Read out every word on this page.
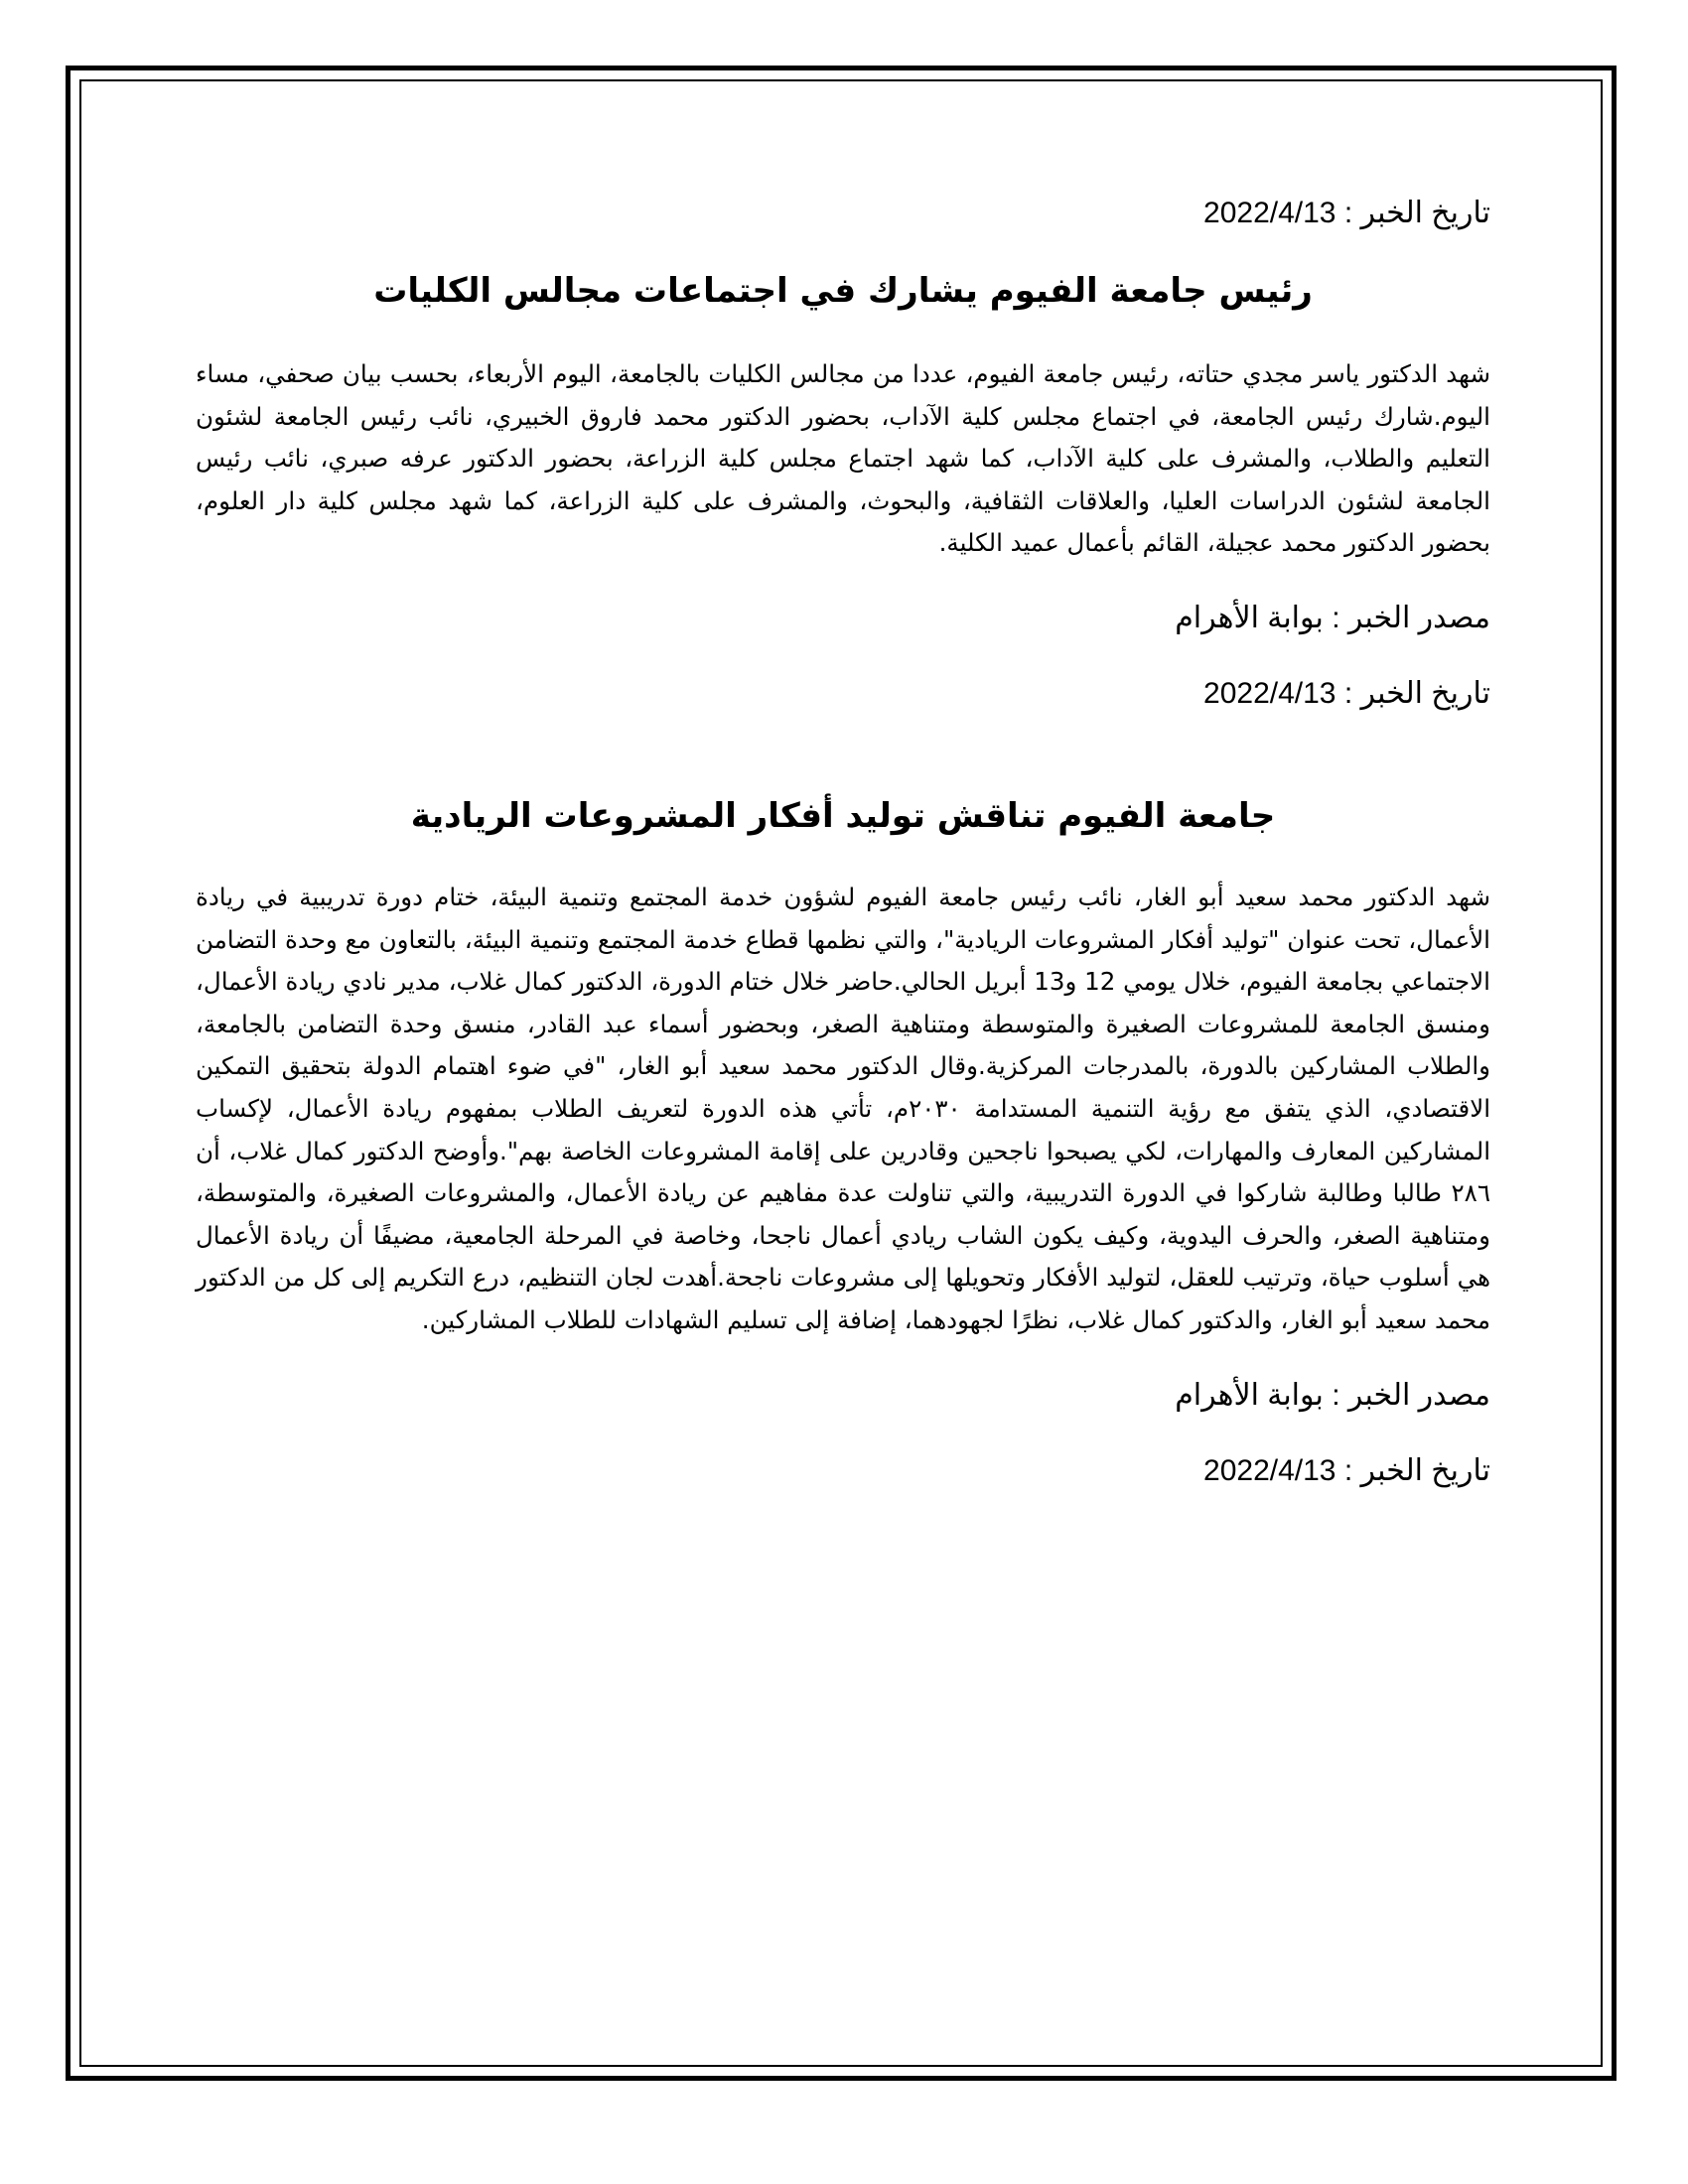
تاريخ الخبر : 2022/4/13

رئيس جامعة الفيوم يشارك في اجتماعات مجالس الكليات

شهد الدكتور ياسر مجدي حتاته، رئيس جامعة الفيوم، عددا من مجالس الكليات بالجامعة، اليوم الأربعاء، بحسب بيان صحفي، مساء اليوم.شارك رئيس الجامعة، في اجتماع مجلس كلية الآداب، بحضور الدكتور محمد فاروق الخبيري، نائب رئيس الجامعة لشئون التعليم والطلاب، والمشرف على كلية الآداب، كما شهد اجتماع مجلس كلية الزراعة، بحضور الدكتور عرفه صبري، نائب رئيس الجامعة لشئون الدراسات العليا، والعلاقات الثقافية، والبحوث، والمشرف على كلية الزراعة، كما شهد مجلس كلية دار العلوم، بحضور الدكتور محمد عجيلة، القائم بأعمال عميد الكلية.

مصدر الخبر : بوابة الأهرام

تاريخ الخبر : 2022/4/13

جامعة الفيوم تناقش توليد أفكار المشروعات الريادية

شهد الدكتور محمد سعيد أبو الغار، نائب رئيس جامعة الفيوم لشؤون خدمة المجتمع وتنمية البيئة، ختام دورة تدريبية في ريادة الأعمال، تحت عنوان "توليد أفكار المشروعات الريادية"، والتي نظمها قطاع خدمة المجتمع وتنمية البيئة، بالتعاون مع وحدة التضامن الاجتماعي بجامعة الفيوم، خلال يومي 12 و13 أبريل الحالي.حاضر خلال ختام الدورة، الدكتور كمال غلاب، مدير نادي ريادة الأعمال، ومنسق الجامعة للمشروعات الصغيرة والمتوسطة ومتناهية الصغر، وبحضور أسماء عبد القادر، منسق وحدة التضامن بالجامعة، والطلاب المشاركين بالدورة، بالمدرجات المركزية.وقال الدكتور محمد سعيد أبو الغار، "في ضوء اهتمام الدولة بتحقيق التمكين الاقتصادي، الذي يتفق مع رؤية التنمية المستدامة ٢٠٣٠م، تأتي هذه الدورة لتعريف الطلاب بمفهوم ريادة الأعمال، لإكساب المشاركين المعارف والمهارات، لكي يصبحوا ناجحين وقادرين على إقامة المشروعات الخاصة بهم".وأوضح الدكتور كمال غلاب، أن ٢٨٦ طالبا وطالبة شاركوا في الدورة التدريبية، والتي تناولت عدة مفاهيم عن ريادة الأعمال، والمشروعات الصغيرة، والمتوسطة، ومتناهية الصغر، والحرف اليدوية، وكيف يكون الشاب ريادي أعمال ناجحا، وخاصة في المرحلة الجامعية، مضيفًا أن ريادة الأعمال هي أسلوب حياة، وترتيب للعقل، لتوليد الأفكار وتحويلها إلى مشروعات ناجحة.أهدت لجان التنظيم، درع التكريم إلى كل من الدكتور محمد سعيد أبو الغار، والدكتور كمال غلاب، نظرًا لجهودهما، إضافة إلى تسليم الشهادات للطلاب المشاركين.

مصدر الخبر : بوابة الأهرام

تاريخ الخبر : 2022/4/13
